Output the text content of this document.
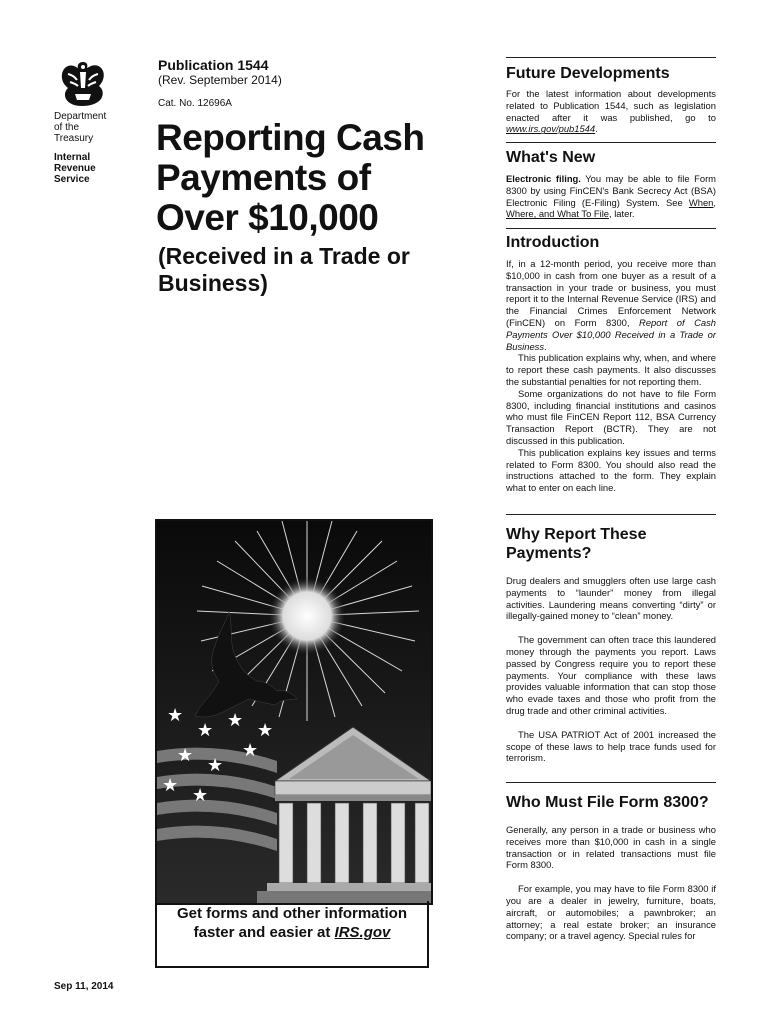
Department
of the
Treasury
Internal
Revenue
Service
Publication 1544
(Rev. September 2014)
Cat. No. 12696A
Reporting Cash
Payments of
Over $10,000
(Received in a Trade or
Business)
★
★ ★
★ ★
★
★
★ ★
Get forms and other information
faster and easier at IRS.gov
Sep 11, 2014
Future Developments

For the latest information about developments related to Publication 1544, such as legislation enacted after it was published, go to www.irs.gov/pub1544.

What's New

Electronic filing. You may be able to file Form 8300 by using FinCEN's Bank Secrecy Act (BSA) Electronic Filing (E-Filing) System. See When, Where, and What To File, later.

Introduction

If, in a 12-month period, you receive more than $10,000 in cash from one buyer as a result of a transaction in your trade or business, you must report it to the Internal Revenue Service (IRS) and the Financial Crimes Enforcement Network (FinCEN) on Form 8300, Report of Cash Payments Over $10,000 Received in a Trade or Business.

This publication explains why, when, and where to report these cash payments. It also discusses the substantial penalties for not reporting them.

Some organizations do not have to file Form 8300, including financial institutions and casinos who must file FinCEN Report 112, BSA Currency Transaction Report (BCTR). They are not discussed in this publication.

This publication explains key issues and terms related to Form 8300. You should also read the instructions attached to the form. They explain what to enter on each line.

Why Report These Payments?

Drug dealers and smugglers often use large cash payments to “launder” money from illegal activities. Laundering means converting “dirty” or illegally-gained money to “clean” money.

The government can often trace this laundered money through the payments you report. Laws passed by Congress require you to report these payments. Your compliance with these laws provides valuable information that can stop those who evade taxes and those who profit from the drug trade and other criminal activities.

The USA PATRIOT Act of 2001 increased the scope of these laws to help trace funds used for terrorism.

Who Must File Form 8300?

Generally, any person in a trade or business who receives more than $10,000 in cash in a single transaction or in related transactions must file Form 8300.

For example, you may have to file Form 8300 if you are a dealer in jewelry, furniture, boats, aircraft, or automobiles; a pawnbroker; an attorney; a real estate broker; an insurance company; or a travel agency. Special rules for
